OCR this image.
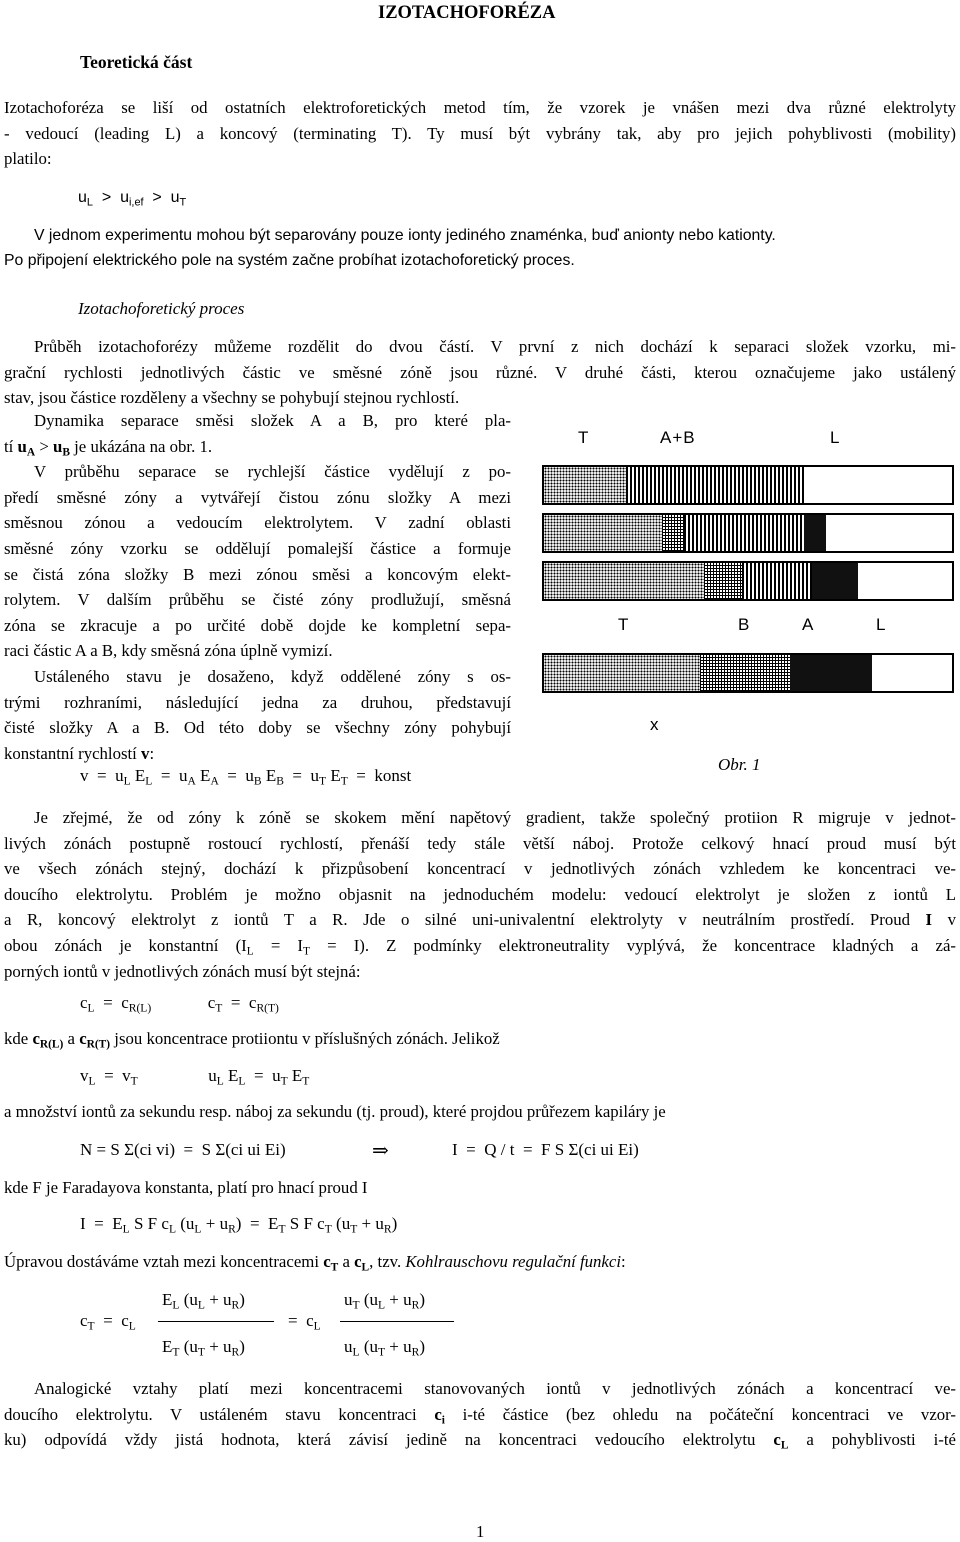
IZOTACHOFORÉZA
Teoretická část
Izotachoforéza se liší od ostatních elektroforetických metod tím, že vzorek je vnášen mezi dva různé elektrolyty
- vedoucí (leading L) a koncový (terminating T). Ty musí být vybrány tak, aby pro jejich pohyblivosti (mobility)
platilo:
$u_L > u_{i,ef} > u_T$
V jednom experimentu mohou být separovány pouze ionty jediného znaménka, buď anionty nebo kationty.
Po připojení elektrického pole na systém začne probíhat izotachoforetický proces.
Izotachoforetický proces
Průběh izotachoforézy můžeme rozdělit do dvou částí. V první z nich dochází k separaci složek vzorku, mi-
grační rychlosti jednotlivých částic ve směsné zóně jsou různé. V druhé části, kterou označujeme jako ustálený
stav, jsou částice rozděleny a všechny se pohybují stejnou rychlostí.
Dynamika separace směsi složek A a B, pro které pla-
tí $u_A > u_B$ je ukázána na obr. 1.
V průběhu separace se rychlejší částice vydělují z po-
předí směsné zóny a vytvářejí čistou zónu složky A mezi
směsnou zónou a vedoucím elektrolytem. V zadní oblasti
směsné zóny vzorku se oddělují pomalejší částice a formuje
se čistá zóna složky B mezi zónou směsi a koncovým elekt-
rolytem. V dalším průběhu se čisté zóny prodlužují, směsná
zóna se zkracuje a po určité době dojde ke kompletní sepa-
raci částic A a B, kdy směsná zóna úplně vymizí.
Ustáleného stavu je dosaženo, když oddělené zóny s os-
trými rozhraními, následující jedna za druhou, představují
čisté složky A a B. Od této doby se všechny zóny pohybují
konstantní rychlostí v:
T	A+B	L
T	B	A	L
x
Obr. 1
$v = u_L$ $E_L = u_A$ $E_A = u_B$ $E_B = u_T$ $E_T$ = konst
Je zřejmé, že od zóny k zóně se skokem mění napětový gradient, takže společný protiion R migruje v jednot-
livých zónách postupně rostoucí rychlostí, přenáší tedy stále větší náboj. Protože celkový hnací proud musí být
ve všech zónách stejný, dochází k přizpůsobení koncentrací v jednotlivých zónách vzhledem ke koncentraci ve-
doucího elektrolytu. Problém je možno objasnit na jednoduchém modelu: vedoucí elektrolyt je složen z iontů L
a R, koncový elektrolyt z iontů T a R. Jde o silné uni-univalentní elektrolyty v neutrálním prostředí. Proud I v
obou zónách je konstantní $(I_L = I_T = I)$. Z podmínky elektroneutrality vyplývá, že koncentrace kladných a zá-
porných iontů v jednotlivých zónách musí být stejná:
$c_L = c_{R(L)}$	$c_T = c_{R(T)}$
kde $c_{R(L)}$ a $c_{R(T)}$ jsou koncentrace protiiontu v příslušných zónách. Jelikož
$v_L = v_T$	$u_L$ $E_L = u_T$ $E_T$
a množství iontů za sekundu resp. náboj za sekundu (tj. proud), které projdou průřezem kapiláry je
N = S Σ(ci vi)  =  S Σ(ci ui Ei)	⇒	I  =  Q / t  =  F S Σ(ci ui Ei)
kde F je Faradayova konstanta, platí pro hnací proud I
$I = E_L$ S F $c_L$ $(u_L + u_R) = E_T$ S F $c_T$ $(u_T + u_R)$
Úpravou dostáváme vztah mezi koncentracemi $c_T$ a $c_L$, tzv. Kohlrauschovu regulační funkci:
$c_T = c_L$
$E_L$ $(u_L + u_R)$
$E_T$ $(u_T + u_R)$
= $c_L$
$u_T$ $(u_L + u_R)$
$u_L$ $(u_T + u_R)$
Analogické vztahy platí mezi koncentracemi stanovovaných iontů v jednotlivých zónách a koncentrací ve-
doucího elektrolytu. V ustáleném stavu koncentraci $c_i$ i-té částice (bez ohledu na počáteční koncentraci ve vzor-
ku) odpovídá vždy jistá hodnota, která závisí jedině na koncentraci vedoucího elektrolytu $c_L$ a pohyblivosti i-té
1
